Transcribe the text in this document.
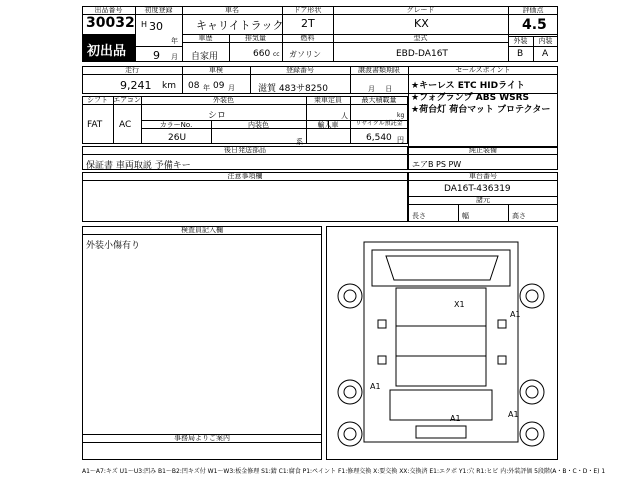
出品番号
30032
初出品
初度登録
H 30
年
9 月
車名
キャリイトラック
ドア形状
2T
グレード
KX
評価点
4.5
車歴
自家用
排気量
660 cc
燃料
ガソリン
型式
EBD-DA16T
外装	内装
B A
走行
9,241 km
車検
08 年 09 月
登録番号
滋賀 483サ8250
譲渡書類期限
月 日
セールスポイント
★キーレス ETC HIDライト
★フォグランプ ABS WSRS
★荷台灯 荷台マット ブロテクター
シフト
FAT
エアコン
AC
外装色
シロ
乗車定員
人
最大積載量
kg
カラーNo.
26U
内装色
系
輸入車	リサイクル預託金
6,540 円
後日発送部品
保証書 車両取説 予備キー
純正装備
エアB PS PW
注意事項欄	車台番号
DA16T-436319
諸元
長さ	幅	高さ
検査員記入欄
外装小傷有り
事務局よりご案内
X1
A1
A1
A1	A1
A1〜A7:キズ U1〜U3:凹み B1〜B2:凹キズ付 W1〜W3:板金修理 S1:錆 C1:腐食 P1:ペイント F1:修理交換 X:要交換 XX:交換済 E1:エクボ Y1:穴 R1:ヒビ 内:外装評価 5段階(A・B・C・D・E) 1
